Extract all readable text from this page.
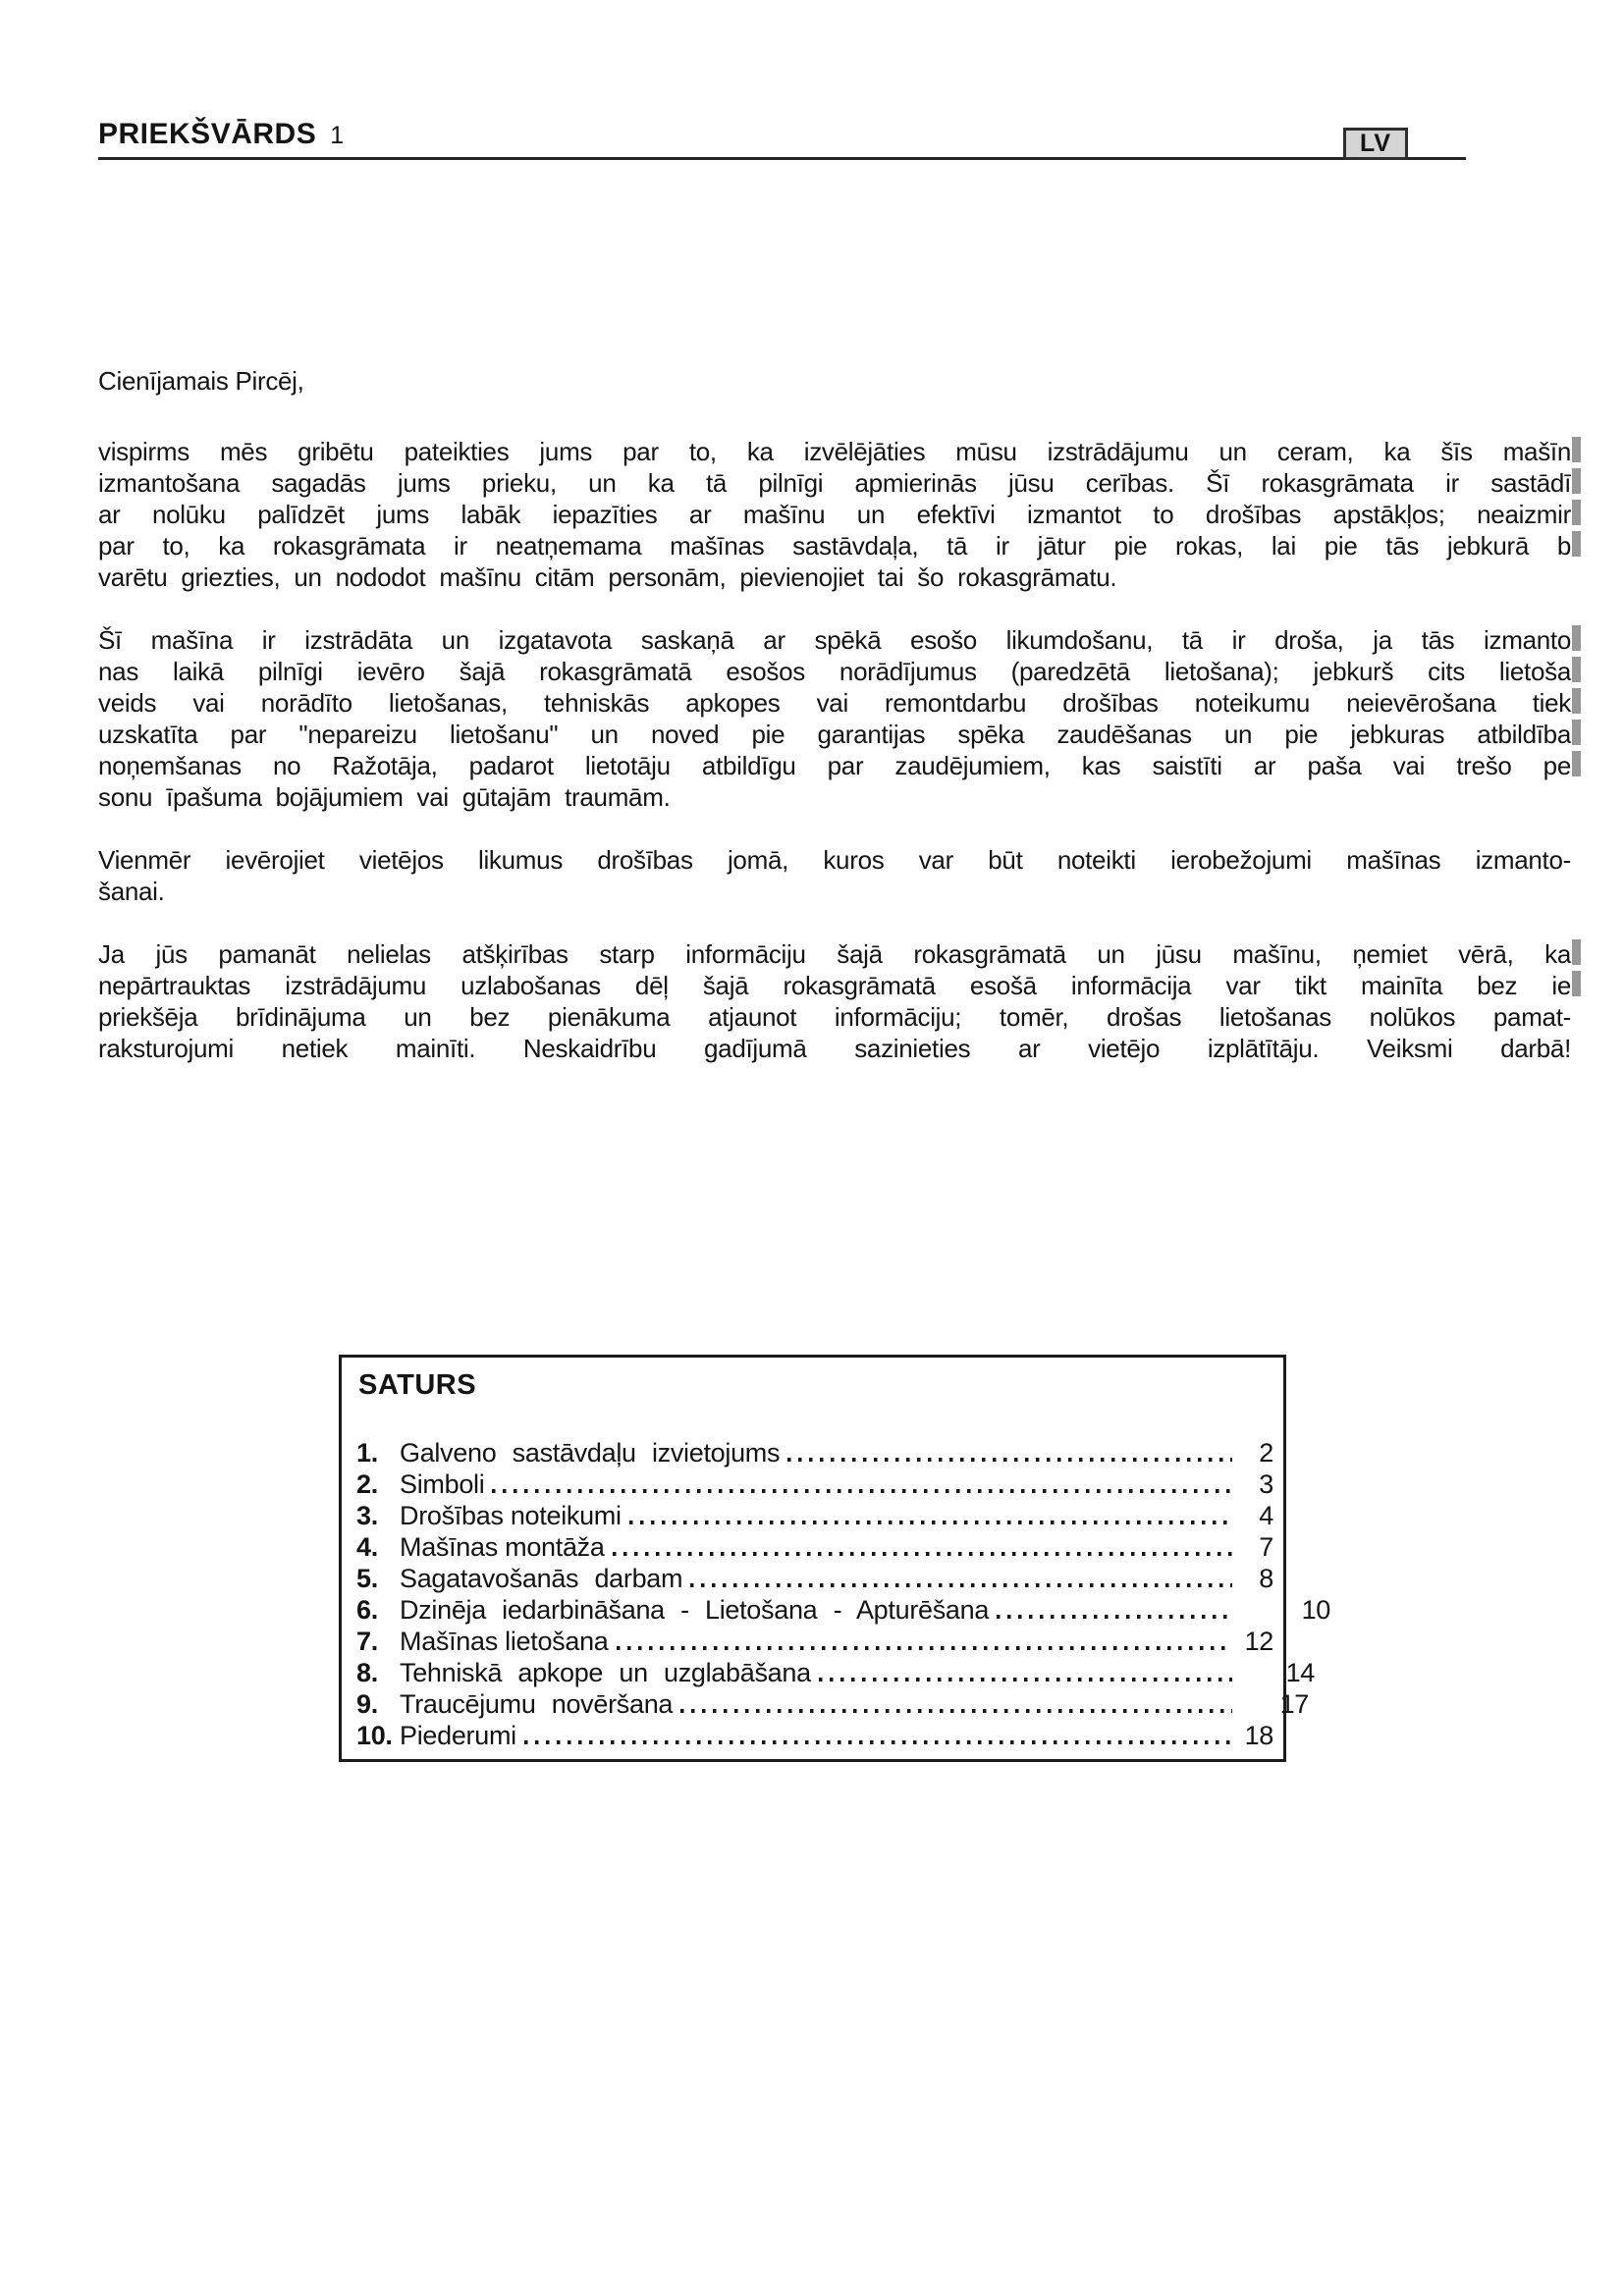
PRIEKŠVĀRDS 1	LV
Cienījamais Pircēj,
vispirms mēs gribētu pateikties jums par to, ka izvēlējāties mūsu izstrādājumu un ceram, ka šīs mašīn
izmantošana sagadās jums prieku, un ka tā pilnīgi apmierinās jūsu cerības. Šī rokasgrāmata ir sastādī
ar nolūku palīdzēt jums labāk iepazīties ar mašīnu un efektīvi izmantot to drošības apstākļos; neaizmir
par to, ka rokasgrāmata ir neatņemama mašīnas sastāvdaļa, tā ir jātur pie rokas, lai pie tās jebkurā b
varētu griezties, un nododot mašīnu citām personām, pievienojiet tai šo rokasgrāmatu.
Šī mašīna ir izstrādāta un izgatavota saskaņā ar spēkā esošo likumdošanu, tā ir droša, ja tās izmanto
nas laikā pilnīgi ievēro šajā rokasgrāmatā esošos norādījumus (paredzētā lietošana); jebkurš cits lietoša
veids vai norādīto lietošanas, tehniskās apkopes vai remontdarbu drošības noteikumu neievērošana tiek
uzskatīta par "nepareizu lietošanu" un noved pie garantijas spēka zaudēšanas un pie jebkuras atbildība
noņemšanas no Ražotāja, padarot lietotāju atbildīgu par zaudējumiem, kas saistīti ar paša vai trešo pe
sonu īpašuma bojājumiem vai gūtajām traumām.
Vienmēr ievērojiet vietējos likumus drošības jomā, kuros var būt noteikti ierobežojumi mašīnas izmanto-
šanai.
Ja jūs pamanāt nelielas atšķirības starp informāciju šajā rokasgrāmatā un jūsu mašīnu, ņemiet vērā, ka
nepārtrauktas izstrādājumu uzlabošanas dēļ šajā rokasgrāmatā esošā informācija var tikt mainīta bez ie
priekšēja brīdinājuma un bez pienākuma atjaunot informāciju; tomēr, drošas lietošanas nolūkos pamat-
raksturojumi netiek mainīti. Neskaidrību gadījumā sazinieties ar vietējo izplātītāju. Veiksmi darbā!
SATURS
1. Galveno sastāvdaļu izvietojums	2
2. Simboli	3
3. Drošības noteikumi	4
4. Mašīnas montāža	7
5. Sagatavošanās darbam	8
6. Dzinēja iedarbināšana - Lietošana - Apturēšana	10
7. Mašīnas lietošana	12
8. Tehniskā apkope un uzglabāšana	14
9. Traucējumu novēršana	17
10. Piederumi	18
